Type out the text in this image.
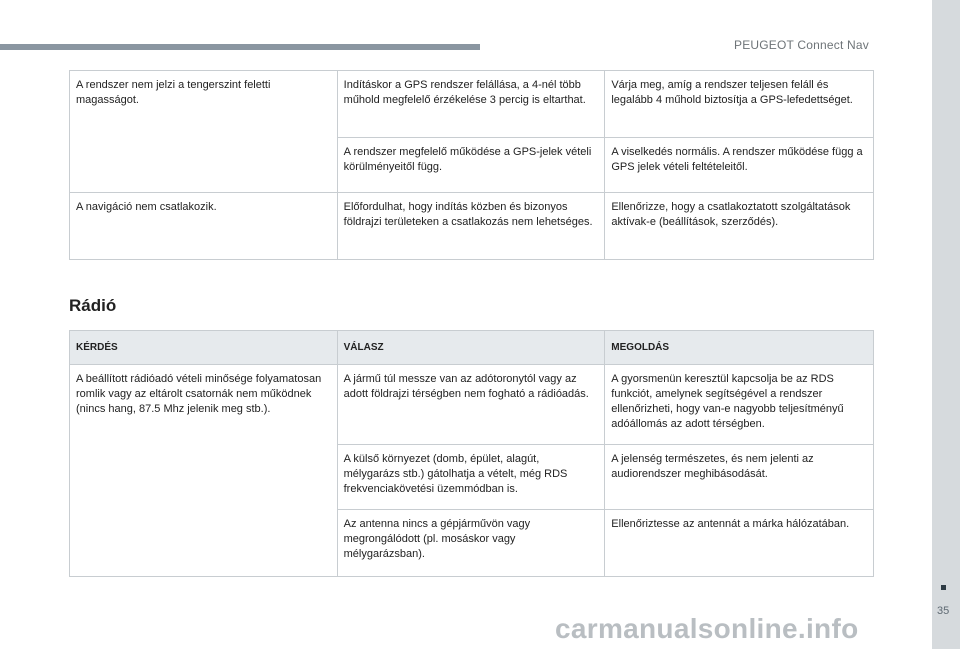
PEUGEOT Connect Nav
35
A rendszer nem jelzi a tengerszint feletti magasságot.	Indításkor a GPS rendszer felállása, a 4-nél több műhold megfelelő érzékelése 3 percig is eltarthat.	Várja meg, amíg a rendszer teljesen feláll és legalább 4 műhold biztosítja a GPS-lefedettséget.
	A rendszer megfelelő működése a GPS-jelek vételi körülményeitől függ.	A viselkedés normális. A rendszer működése függ a GPS jelek vételi feltételeitől.
A navigáció nem csatlakozik.	Előfordulhat, hogy indítás közben és bizonyos földrajzi területeken a csatlakozás nem lehetséges.	Ellenőrizze, hogy a csatlakoztatott szolgáltatások aktívak-e (beállítások, szerződés).
Rádió
KÉRDÉS	VÁLASZ	MEGOLDÁS
A beállított rádióadó vételi minősége folyamatosan romlik vagy az eltárolt csatornák nem működnek (nincs hang, 87.5 Mhz jelenik meg stb.).	A jármű túl messze van az adótoronytól vagy az adott földrajzi térségben nem fogható a rádióadás.	A gyorsmenün keresztül kapcsolja be az RDS funkciót, amelynek segítségével a rendszer ellenőrizheti, hogy van-e nagyobb teljesítményű adóállomás az adott térségben.
	A külső környezet (domb, épület, alagút, mélygarázs stb.) gátolhatja a vételt, még RDS frekvenciakövetési üzemmódban is.	A jelenség természetes, és nem jelenti az audiorendszer meghibásodását.
	Az antenna nincs a gépjárművön vagy megrongálódott (pl. mosáskor vagy mélygarázsban).	Ellenőriztesse az antennát a márka hálózatában.
carmanualsonline.info
